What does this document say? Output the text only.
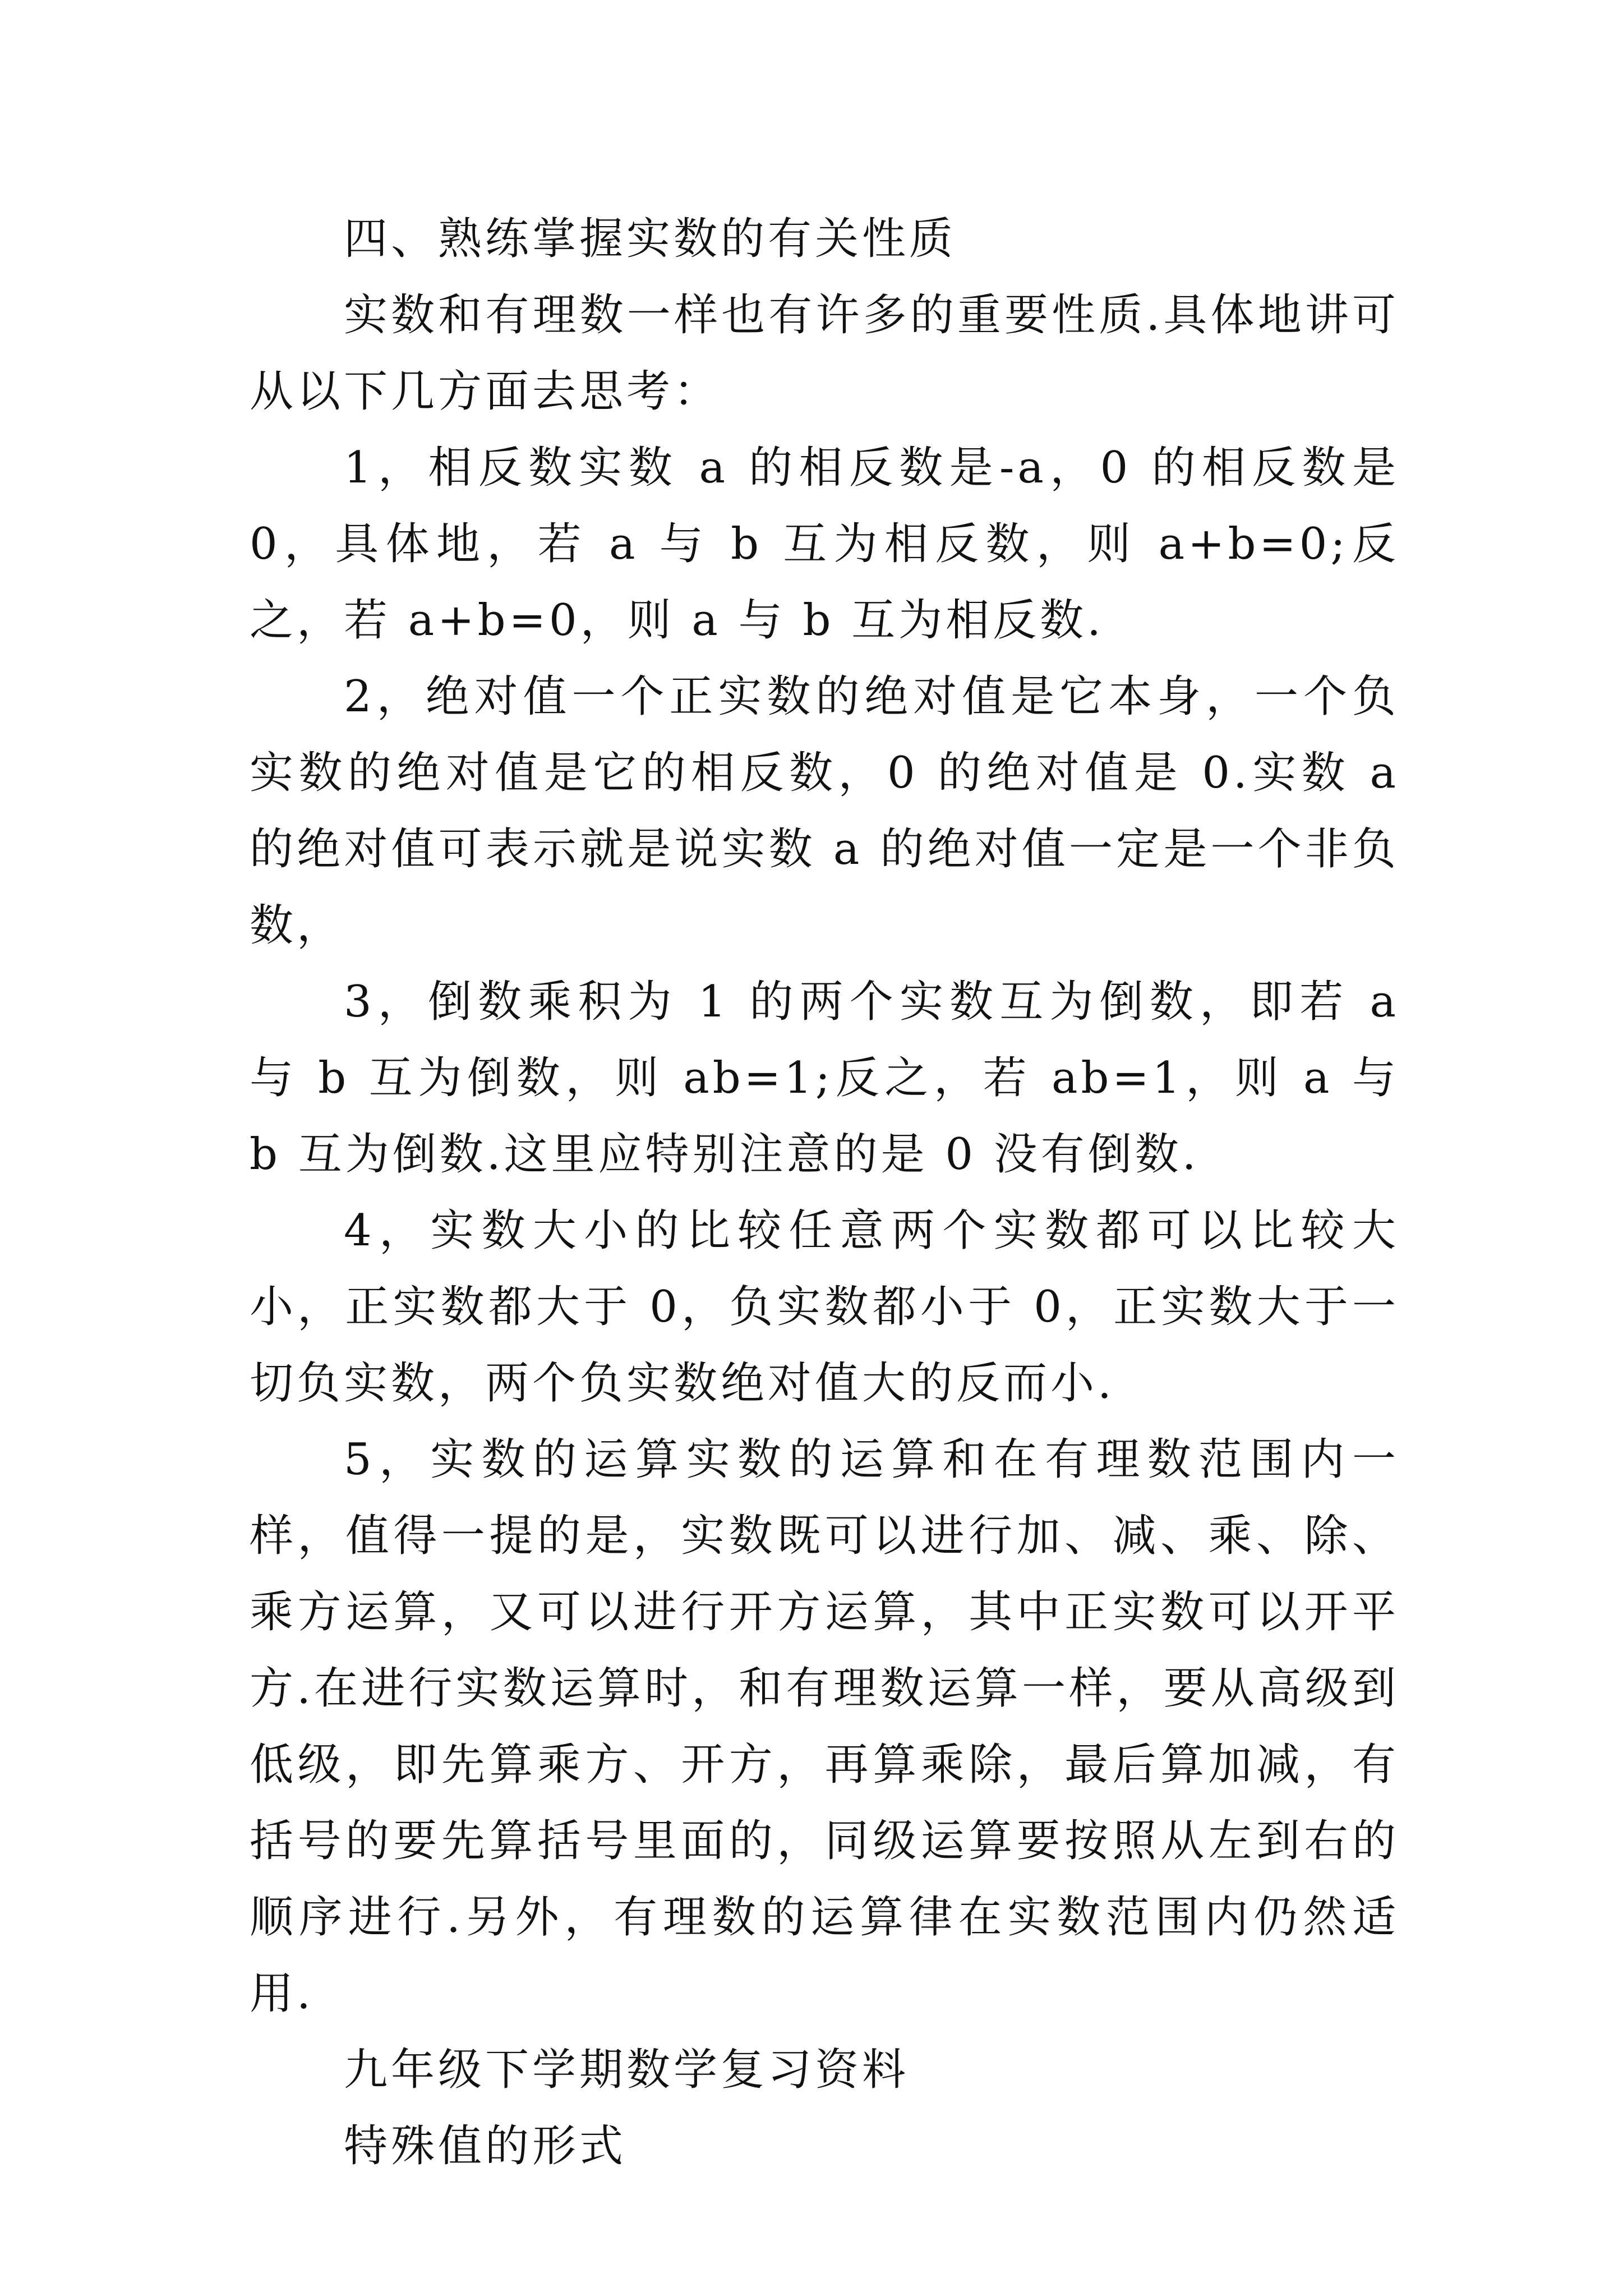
四、熟练掌握实数的有关性质

实数和有理数一样也有许多的重要性质.具体地讲可从以下几方面去思考：

1，相反数实数 a 的相反数是-a，0 的相反数是 0，具体地，若 a 与 b 互为相反数，则 a+b=0;反之，若 a+b=0，则 a 与 b 互为相反数.

2，绝对值一个正实数的绝对值是它本身，一个负实数的绝对值是它的相反数，0 的绝对值是 0.实数 a 的绝对值可表示就是说实数 a 的绝对值一定是一个非负数，

3，倒数乘积为 1 的两个实数互为倒数，即若 a 与 b 互为倒数，则 ab=1;反之，若 ab=1，则 a 与 b 互为倒数.这里应特别注意的是 0 没有倒数.

4，实数大小的比较任意两个实数都可以比较大小，正实数都大于 0，负实数都小于 0，正实数大于一切负实数，两个负实数绝对值大的反而小.

5，实数的运算实数的运算和在有理数范围内一样，值得一提的是，实数既可以进行加、减、乘、除、乘方运算，又可以进行开方运算，其中正实数可以开平方.在进行实数运算时，和有理数运算一样，要从高级到低级，即先算乘方、开方，再算乘除，最后算加减，有括号的要先算括号里面的，同级运算要按照从左到右的顺序进行.另外，有理数的运算律在实数范围内仍然适用.

九年级下学期数学复习资料

特殊值的形式
